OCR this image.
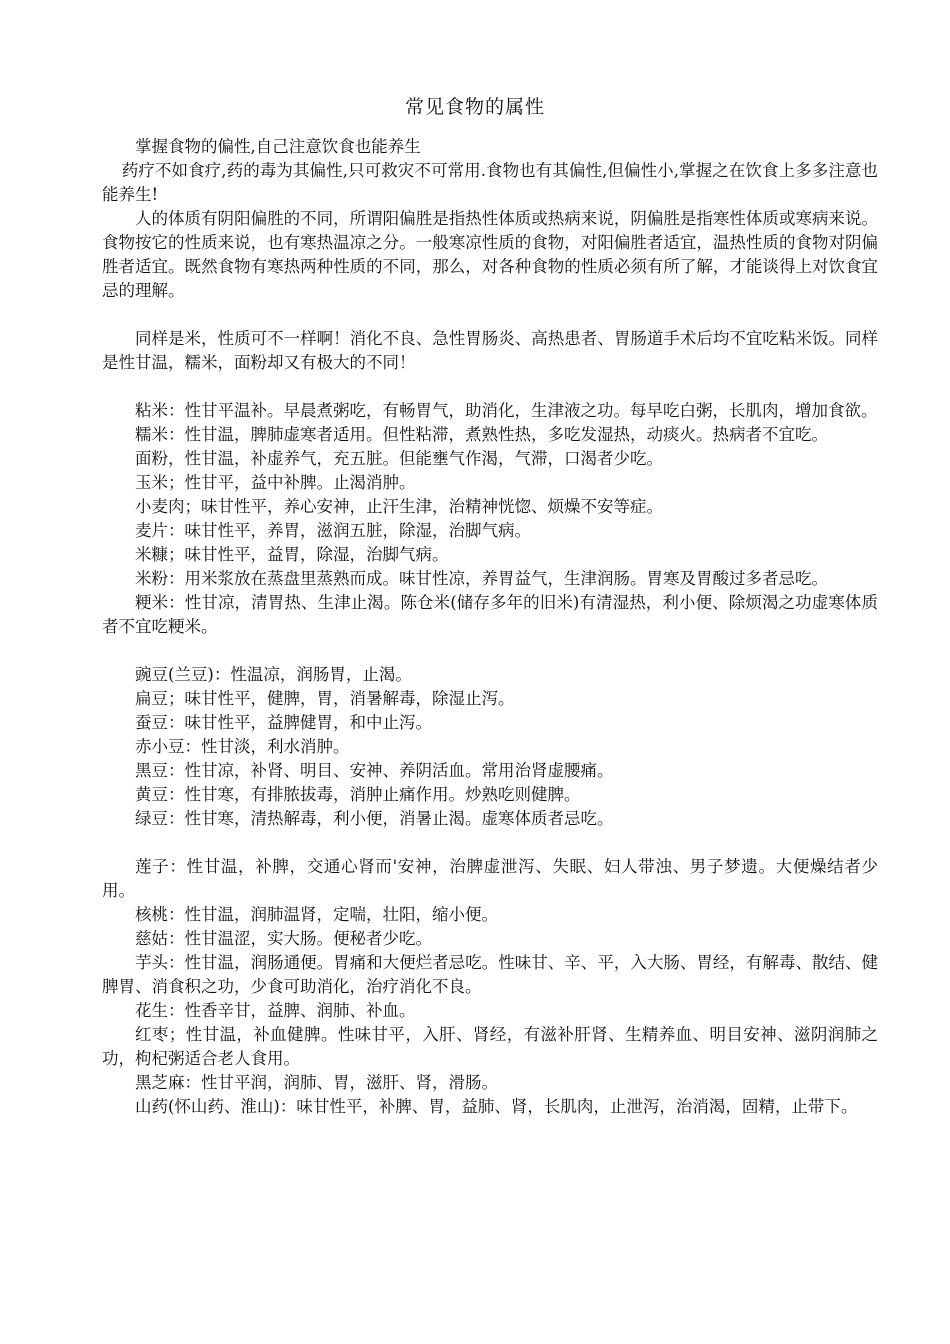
常见食物的属性

掌握食物的偏性,自己注意饮食也能养生

药疗不如食疗,药的毒为其偏性,只可救灾不可常用.食物也有其偏性,但偏性小,掌握之在饮食上多多注意也能养生!

人的体质有阴阳偏胜的不同，所谓阳偏胜是指热性体质或热病来说，阴偏胜是指寒性体质或寒病来说。食物按它的性质来说，也有寒热温凉之分。一般寒凉性质的食物，对阳偏胜者适宜，温热性质的食物对阴偏胜者适宜。既然食物有寒热两种性质的不同，那么，对各种食物的性质必须有所了解，才能谈得上对饮食宜忌的理解。

同样是米，性质可不一样啊！消化不良、急性胃肠炎、高热患者、胃肠道手术后均不宜吃粘米饭。同样是性甘温，糯米，面粉却又有极大的不同！

粘米：性甘平温补。早晨煮粥吃，有畅胃气，助消化，生津液之功。每早吃白粥，长肌肉，增加食欲。

糯米：性甘温，脾肺虚寒者适用。但性粘滞，煮熟性热，多吃发湿热，动痰火。热病者不宜吃。

面粉，性甘温，补虚养气，充五脏。但能壅气作渴，气滞，口渴者少吃。

玉米；性甘平，益中补脾。止渴消肿。

小麦肉；味甘性平，养心安神，止汗生津，治精神恍惚、烦燥不安等症。

麦片：味甘性平，养胃，滋润五脏，除湿，治脚气病。

米糠；味甘性平，益胃，除湿，治脚气病。

米粉：用米浆放在蒸盘里蒸熟而成。味甘性凉，养胃益气，生津润肠。胃寒及胃酸过多者忌吃。

粳米：性甘凉，清胃热、生津止渴。陈仓米(储存多年的旧米)有清湿热，利小便、除烦渴之功虚寒体质者不宜吃粳米。

豌豆(兰豆)：性温凉，润肠胃，止渴。

扁豆；味甘性平，健脾，胃，消暑解毒，除湿止泻。

蚕豆：味甘性平，益脾健胃，和中止泻。

赤小豆：性甘淡，利水消肿。

黑豆：性甘凉，补肾、明目、安神、养阴活血。常用治肾虚腰痛。

黄豆：性甘寒，有排脓拔毒，消肿止痛作用。炒熟吃则健脾。

绿豆：性甘寒，清热解毒，利小便，消暑止渴。虚寒体质者忌吃。

莲子：性甘温，补脾，交通心肾而'安神，治脾虚泄泻、失眠、妇人带浊、男子梦遗。大便燥结者少用。

核桃：性甘温，润肺温肾，定喘，壮阳，缩小便。

慈姑：性甘温涩，实大肠。便秘者少吃。

芋头：性甘温，润肠通便。胃痛和大便烂者忌吃。性味甘、辛、平，入大肠、胃经，有解毒、散结、健脾胃、消食积之功，少食可助消化，治疗消化不良。

花生：性香辛甘，益脾、润肺、补血。

红枣；性甘温，补血健脾。性味甘平，入肝、肾经，有滋补肝肾、生精养血、明目安神、滋阴润肺之功，枸杞粥适合老人食用。

黑芝麻：性甘平润，润肺、胃，滋肝、肾，滑肠。

山药(怀山药、淮山)：味甘性平，补脾、胃，益肺、肾，长肌肉，止泄泻，治消渴，固精，止带下。
